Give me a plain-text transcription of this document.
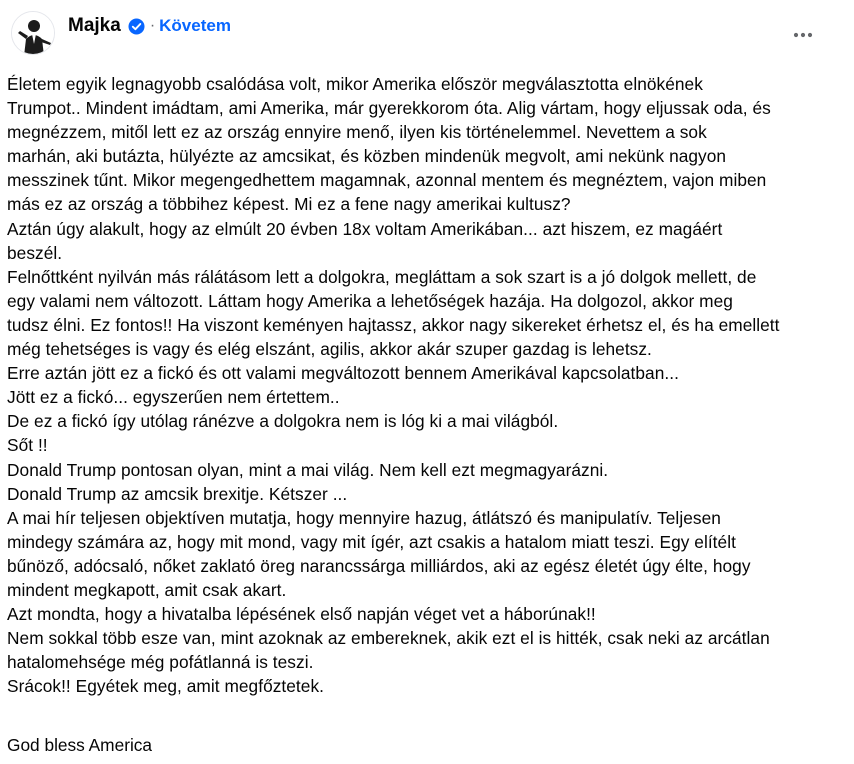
Majka · Követem

Életem egyik legnagyobb csalódása volt, mikor Amerika először megválasztotta elnökének

Trumpot.. Mindent imádtam, ami Amerika, már gyerekkorom óta. Alig vártam, hogy eljussak oda, és

megnézzem, mitől lett ez az ország ennyire menő, ilyen kis történelemmel. Nevettem a sok

marhán, aki butázta, hülyézte az amcsikat, és közben mindenük megvolt, ami nekünk nagyon

messzinek tűnt. Mikor megengedhettem magamnak, azonnal mentem és megnéztem, vajon miben

más ez az ország a többihez képest. Mi ez a fene nagy amerikai kultusz?

Aztán úgy alakult, hogy az elmúlt 20 évben 18x voltam Amerikában... azt hiszem, ez magáért

beszél.

Felnőttként nyilván más rálátásom lett a dolgokra, megláttam a sok szart is a jó dolgok mellett, de

egy valami nem változott. Láttam hogy Amerika a lehetőségek hazája. Ha dolgozol, akkor meg

tudsz élni. Ez fontos!! Ha viszont keményen hajtassz, akkor nagy sikereket érhetsz el, és ha emellett

még tehetséges is vagy és elég elszánt, agilis, akkor akár szuper gazdag is lehetsz.

Erre aztán jött ez a fickó és ott valami megváltozott bennem Amerikával kapcsolatban...

Jött ez a fickó... egyszerűen nem értettem..

De ez a fickó így utólag ránézve a dolgokra nem is lóg ki a mai világból.

Sőt !!

Donald Trump pontosan olyan, mint a mai világ. Nem kell ezt megmagyarázni.

Donald Trump az amcsik brexitje. Kétszer ...

A mai hír teljesen objektíven mutatja, hogy mennyire hazug, átlátszó és manipulatív. Teljesen

mindegy számára az, hogy mit mond, vagy mit ígér, azt csakis a hatalom miatt teszi. Egy elítélt

bűnöző, adócsaló, nőket zaklató öreg narancssárga milliárdos, aki az egész életét úgy élte, hogy

mindent megkapott, amit csak akart.

Azt mondta, hogy a hivatalba lépésének első napján véget vet a háborúnak!!

Nem sokkal több esze van, mint azoknak az embereknek, akik ezt el is hitték, csak neki az arcátlan

hatalomehsége még pofátlanná is teszi.

Srácok!! Egyétek meg, amit megfőztetek.

God bless America
